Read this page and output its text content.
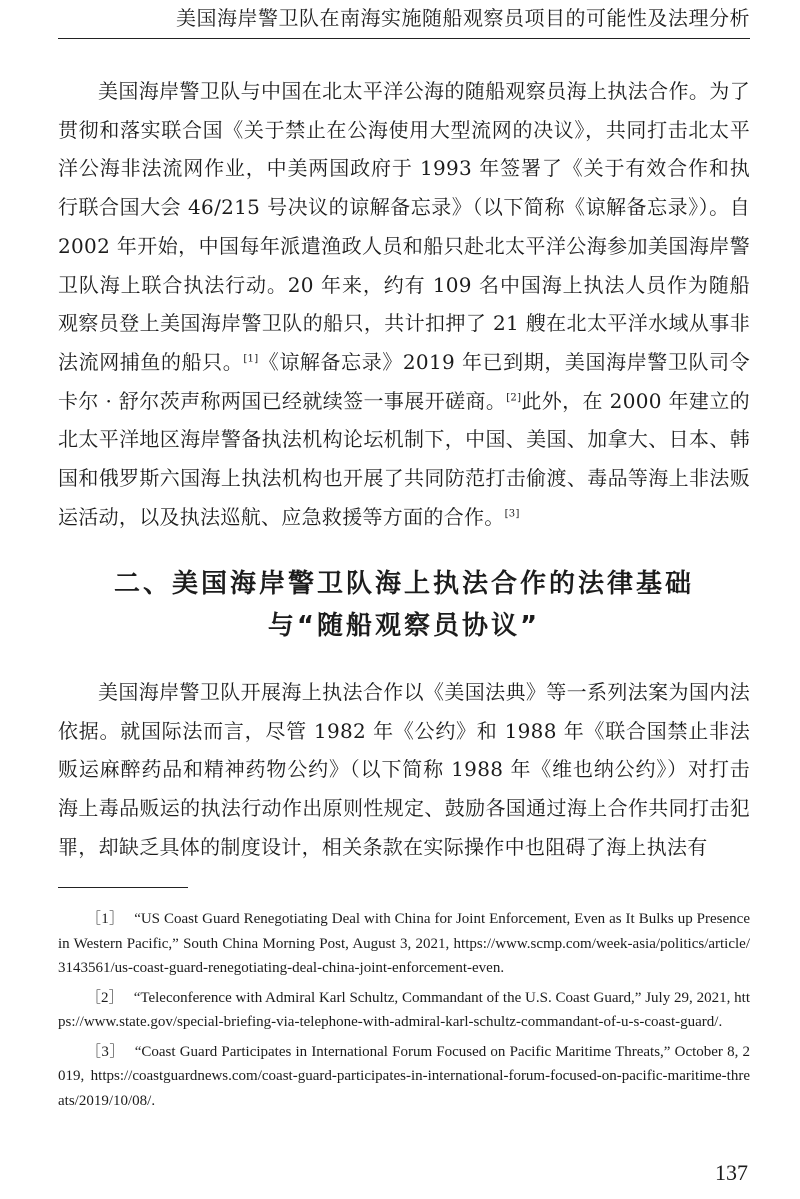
美国海岸警卫队在南海实施随船观察员项目的可能性及法理分析

美国海岸警卫队与中国在北太平洋公海的随船观察员海上执法合作。为了贯彻和落实联合国《关于禁止在公海使用大型流网的决议》，共同打击北太平洋公海非法流网作业，中美两国政府于 1993 年签署了《关于有效合作和执行联合国大会 46/215 号决议的谅解备忘录》（以下简称《谅解备忘录》）。自 2002 年开始，中国每年派遣渔政人员和船只赴北太平洋公海参加美国海岸警卫队海上联合执法行动。20 年来，约有 109 名中国海上执法人员作为随船观察员登上美国海岸警卫队的船只，共计扣押了 21 艘在北太平洋水域从事非法流网捕鱼的船只。[1]《谅解备忘录》2019 年已到期，美国海岸警卫队司令卡尔 · 舒尔茨声称两国已经就续签一事展开磋商。[2]此外，在 2000 年建立的北太平洋地区海岸警备执法机构论坛机制下，中国、美国、加拿大、日本、韩国和俄罗斯六国海上执法机构也开展了共同防范打击偷渡、毒品等海上非法贩运活动，以及执法巡航、应急救援等方面的合作。[3]

二、美国海岸警卫队海上执法合作的法律基础
与“随船观察员协议”

美国海岸警卫队开展海上执法合作以《美国法典》等一系列法案为国内法依据。就国际法而言，尽管 1982 年《公约》和 1988 年《联合国禁止非法贩运麻醉药品和精神药物公约》（以下简称 1988 年《维也纳公约》）对打击海上毒品贩运的执法行动作出原则性规定、鼓励各国通过海上合作共同打击犯罪，却缺乏具体的制度设计，相关条款在实际操作中也阻碍了海上执法有

［1］ “US Coast Guard Renegotiating Deal with China for Joint Enforcement, Even as It Bulks up Presence in Western Pacific,” South China Morning Post, August 3, 2021, https://www.scmp.com/week-asia/politics/article/3143561/us-coast-guard-renegotiating-deal-china-joint-enforcement-even.

［2］ “Teleconference with Admiral Karl Schultz, Commandant of the U.S. Coast Guard,” July 29, 2021, https://www.state.gov/special-briefing-via-telephone-with-admiral-karl-schultz-commandant-of-u-s-coast-guard/.

［3］ “Coast Guard Participates in International Forum Focused on Pacific Maritime Threats,” October 8, 2019, https://coastguardnews.com/coast-guard-participates-in-international-forum-focused-on-pacific-maritime-threats/2019/10/08/.

137
